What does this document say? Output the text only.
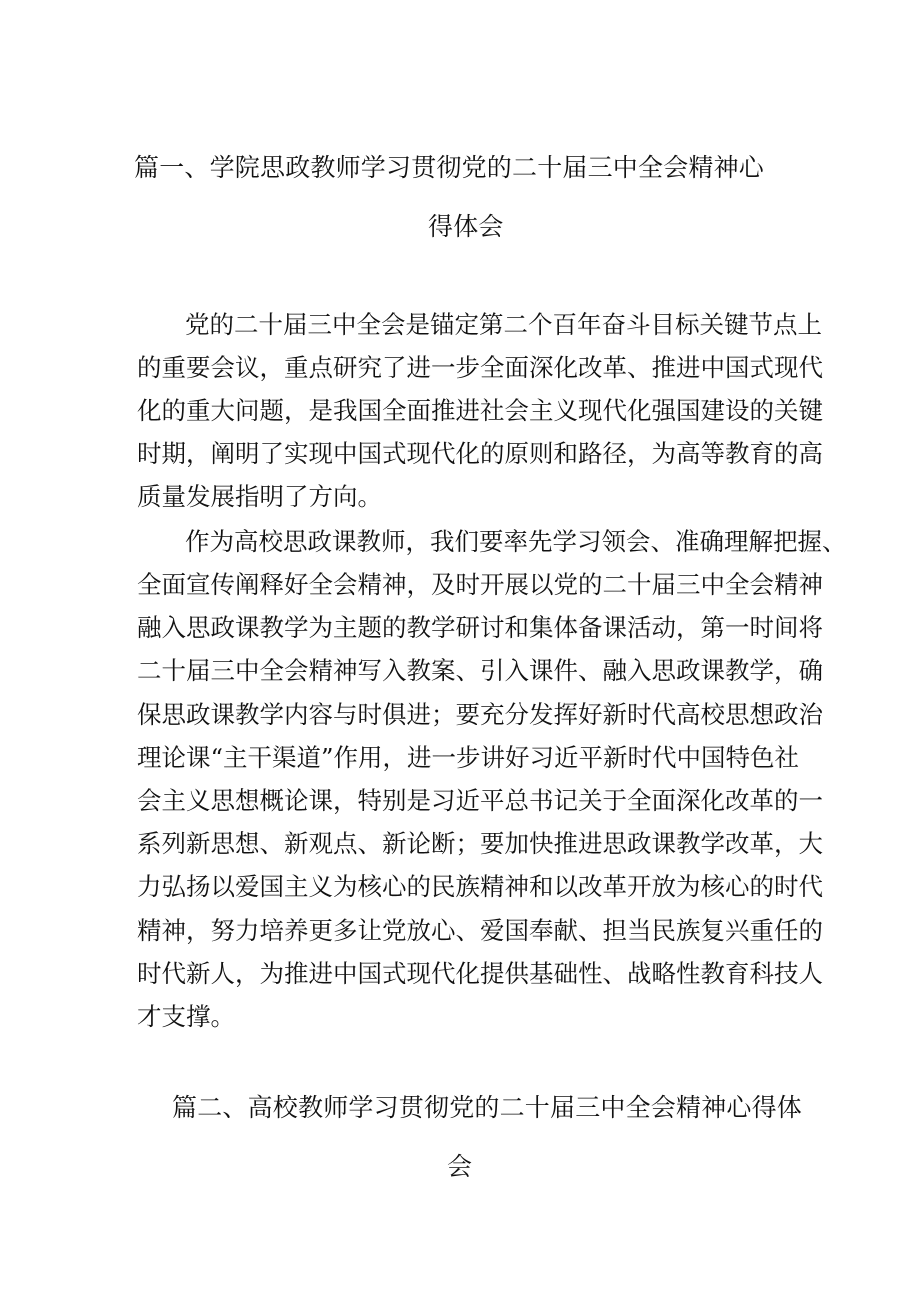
篇一、学院思政教师学习贯彻党的二十届三中全会精神心
得体会
党的二十届三中全会是锚定第二个百年奋斗目标关键节点上
的重要会议，重点研究了进一步全面深化改革、推进中国式现代
化的重大问题，是我国全面推进社会主义现代化强国建设的关键
时期，阐明了实现中国式现代化的原则和路径，为高等教育的高
质量发展指明了方向。
作为高校思政课教师，我们要率先学习领会、准确理解把握、
全面宣传阐释好全会精神，及时开展以党的二十届三中全会精神
融入思政课教学为主题的教学研讨和集体备课活动，第一时间将
二十届三中全会精神写入教案、引入课件、融入思政课教学，确
保思政课教学内容与时俱进；要充分发挥好新时代高校思想政治
理论课“主干渠道”作用，进一步讲好习近平新时代中国特色社
会主义思想概论课，特别是习近平总书记关于全面深化改革的一
系列新思想、新观点、新论断；要加快推进思政课教学改革，大
力弘扬以爱国主义为核心的民族精神和以改革开放为核心的时代
精神，努力培养更多让党放心、爱国奉献、担当民族复兴重任的
时代新人，为推进中国式现代化提供基础性、战略性教育科技人
才支撑。
篇二、高校教师学习贯彻党的二十届三中全会精神心得体
会
